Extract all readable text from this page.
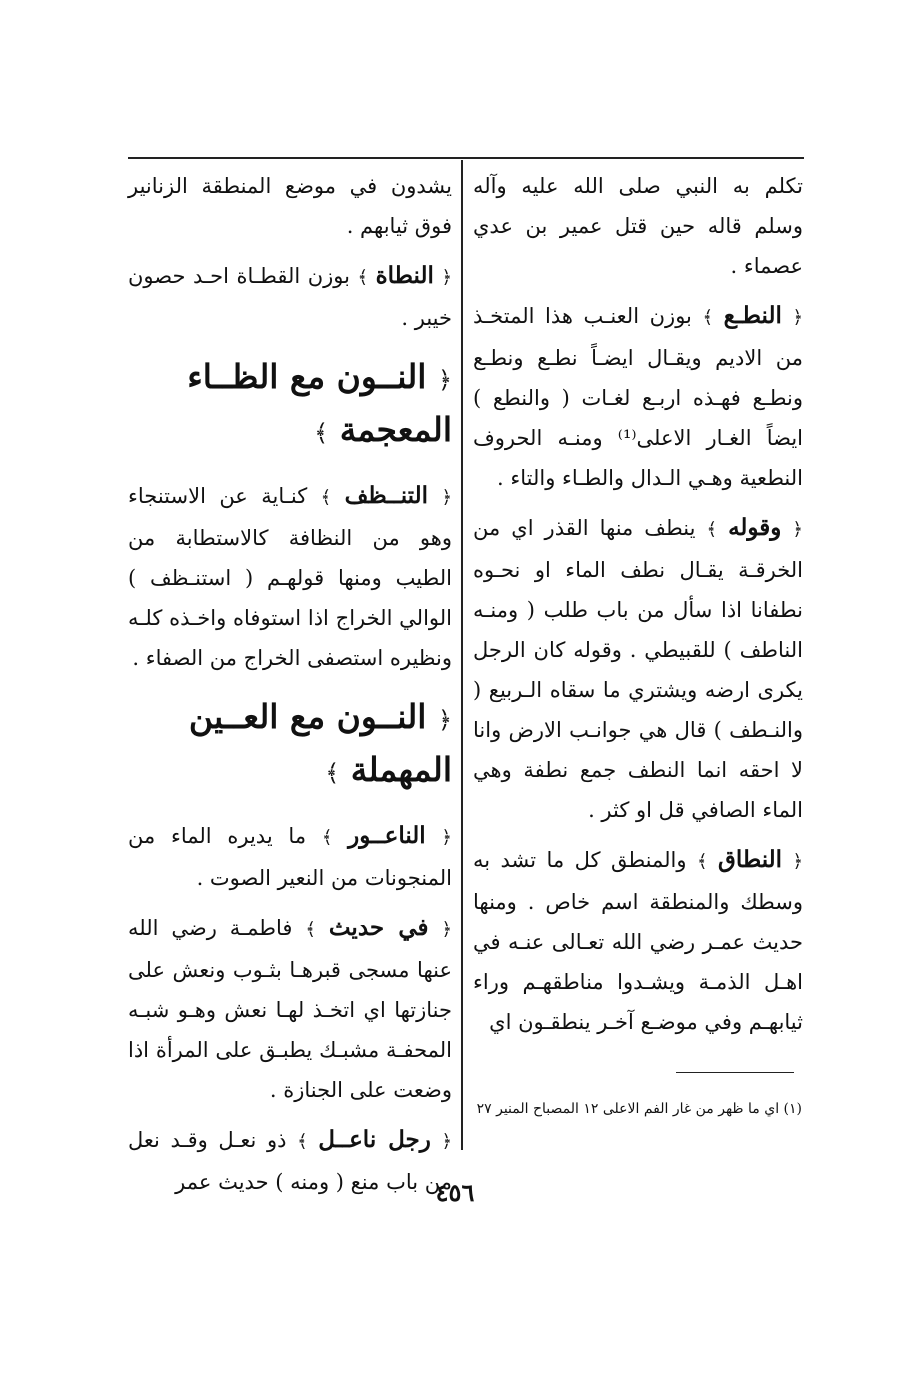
تكلم به النبي صلى الله عليه وآله وسلم قاله حين قتل عمير بن عدي عصماء .

﴿ النطـع ﴾ بوزن العنـب هذا المتخـذ من الاديم ويقـال ايضـاً نطـع ونطـع ونطـع فهـذه اربـع لغـات ( والنطع ) ايضاً الغـار الاعلى⁽¹⁾ ومنـه الحروف النطعية وهـي الـدال والطـاء والتاء .

﴿ وقوله ﴾ ينطف منها القذر اي من الخرقـة يقـال نطف الماء او نحـوه نطفانا اذا سأل من باب طلب ( ومنـه الناطف ) للقبيطي . وقوله كان الرجل يكرى ارضه ويشتري ما سقاه الـربيع ( والنـطف ) قال هي جوانـب الارض وانا لا احقه انما النطف جمع نطفة وهي الماء الصافي قل او كثر .

﴿ النطاق ﴾ والمنطق كل ما تشد به وسطك والمنطقة اسم خاص . ومنها حديث عمـر رضي الله تعـالى عنـه في اهـل الذمـة ويشـدوا مناطقهـم وراء ثيابهـم وفي موضـع آخـر ينطقـون اي

يشدون في موضع المنطقة الزنانير فوق ثيابهم .

﴿ النطاة ﴾ بوزن القطـاة احـد حصون خيبر .

﴿ النــون مع الظــاء المعجمة ﴾

﴿ التنــظف ﴾ كنـاية عن الاستنجاء وهو من النظافة كالاستطابة من الطيب ومنها قولهـم ( استنـظف ) الوالي الخراج اذا استوفاه واخـذه كلـه ونظيره استصفى الخراج من الصفاء .

﴿ النــون مع العــين المهملة ﴾

﴿ الناعــور ﴾ ما يديره الماء من المنجونات من النعير الصوت .

﴿ في حديث ﴾ فاطمـة رضي الله عنها مسجى قبرهـا بثـوب ونعش على جنازتها اي اتخـذ لهـا نعش وهـو شبـه المحفـة مشبـك يطبـق على المرأة اذا وضعت على الجنازة .

﴿ رجل ناعــل ﴾ ذو نعـل وقـد نعل من باب منع ( ومنه ) حديث عمر

(١) اي ما ظهر من غار الفم الاعلى ١٢ المصباح المنير ٢٧
٤٥٦
